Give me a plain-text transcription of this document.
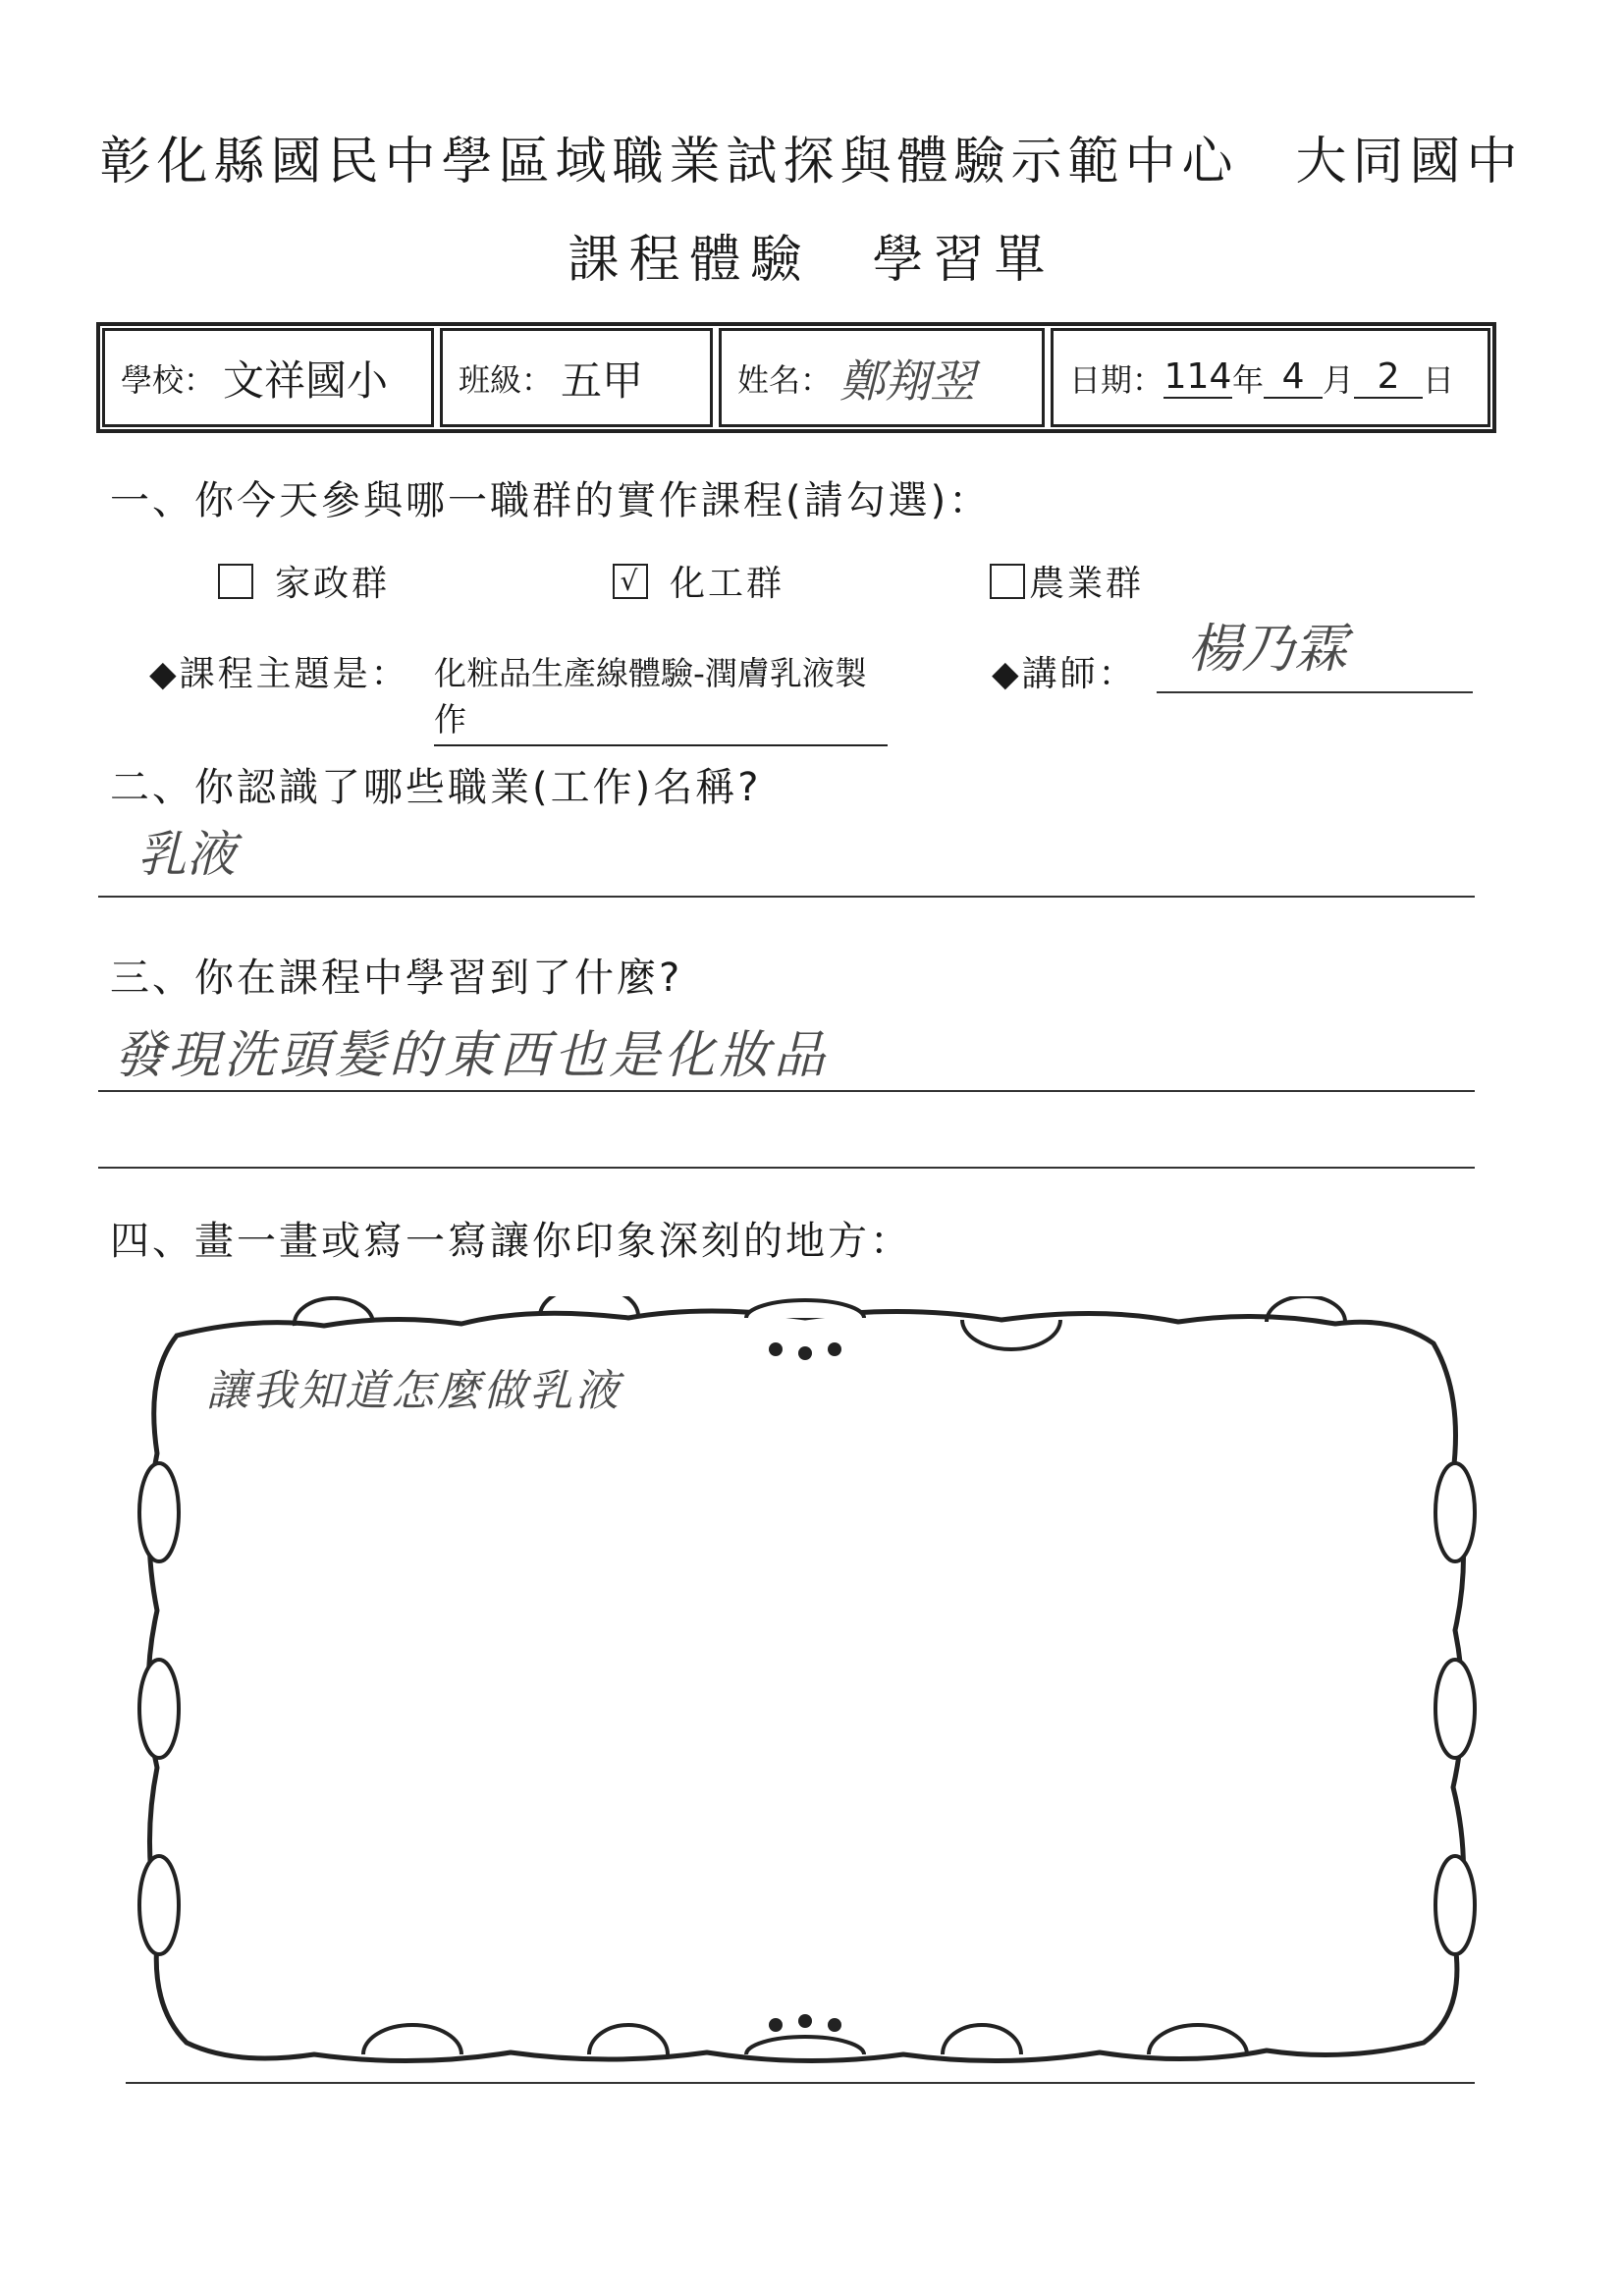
彰化縣國民中學區域職業試探與體驗示範中心　大同國中
課程體驗　學習單
學校： 文祥國小 班級： 五甲	姓名： 鄭翔翌	日期： 114 年 4 月 2 日
一、你今天參與哪一職群的實作課程(請勾選)：
家政群	√ 化工群	農業群
◆課程主題是： 化粧品生產線體驗-潤膚乳液製作
◆講師： 楊乃霖
二、你認識了哪些職業(工作)名稱?
乳液
三、你在課程中學習到了什麼?
發現洗頭髮的東西也是化妝品
四、畫一畫或寫一寫讓你印象深刻的地方：
讓我知道怎麼做乳液
